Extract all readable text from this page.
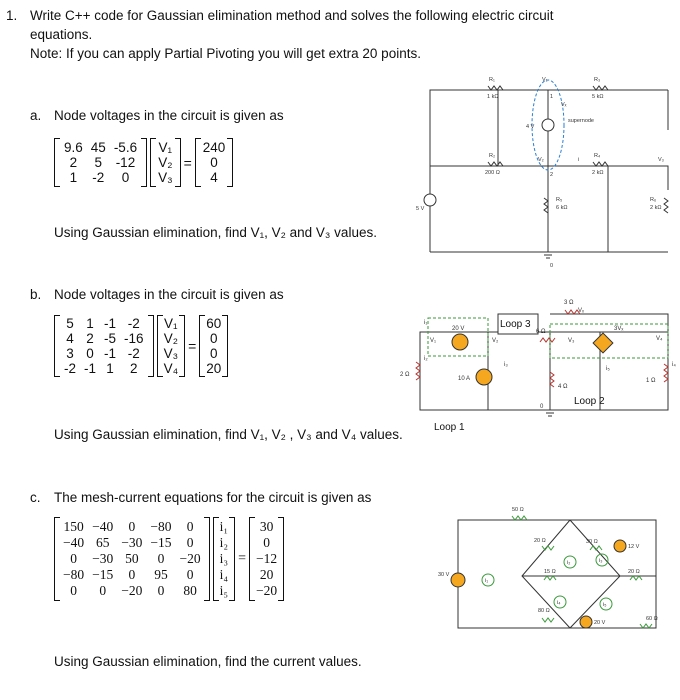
1. Write C++ code for Gaussian elimination method and solves the following electric circuit
equations.
Note: If you can apply Partial Pivoting you will get extra 20 points.
a. Node voltages in the circuit is given as
9.6	45	-5.6
2	5	-12
1	-2	0
V₁
V₂
V₃
=
240
0
4
Using Gaussian elimination, find V₁, V₂ and V₃ values.
R₁
1 kΩ
R₃
5 kΩ
R₂
200 Ω
R₄
2 kΩ
R₅
6 kΩ
R₆
2 kΩ
V₁
V₂	V₃
Vₓ
i
4 V
5 V
supernode
1
2
0
b. Node voltages in the circuit is given as
5	1	-1	-2
4	2	-5	-16
3	0	-1	-2
-2	-1	1	2
V₁
V₂
V₃
V₄
=
60
0
0
20
Using Gaussian elimination, find V₁, V₂ , V₃ and V₄ values.
2 Ω
6 Ω
3 Ω
4 Ω
1 Ω
20 V
10 A
3Vₓ
V₁	V₂	V₃	V₄
Vₓ
i₁
i₂
i₃	i₄
i₅
0
Loop 3
Loop 2
Loop 1
c. The mesh-current equations for the circuit is given as
150	−40	0	−80	0
−40	65	−30	−15	0
0	−30	50	0	−20
−80	−15	0	95	0
0	0	−20	0	80
i₁
i₂
i₃
i₄
i₅
=
30
0
−12
20
−20
Using Gaussian elimination, find the current values.
50 Ω
20 Ω	30 Ω
15 Ω	20 Ω
80 Ω
60 Ω
30 V
12 V
20 V
i₁
i₂	i₃
i₄	i₅
